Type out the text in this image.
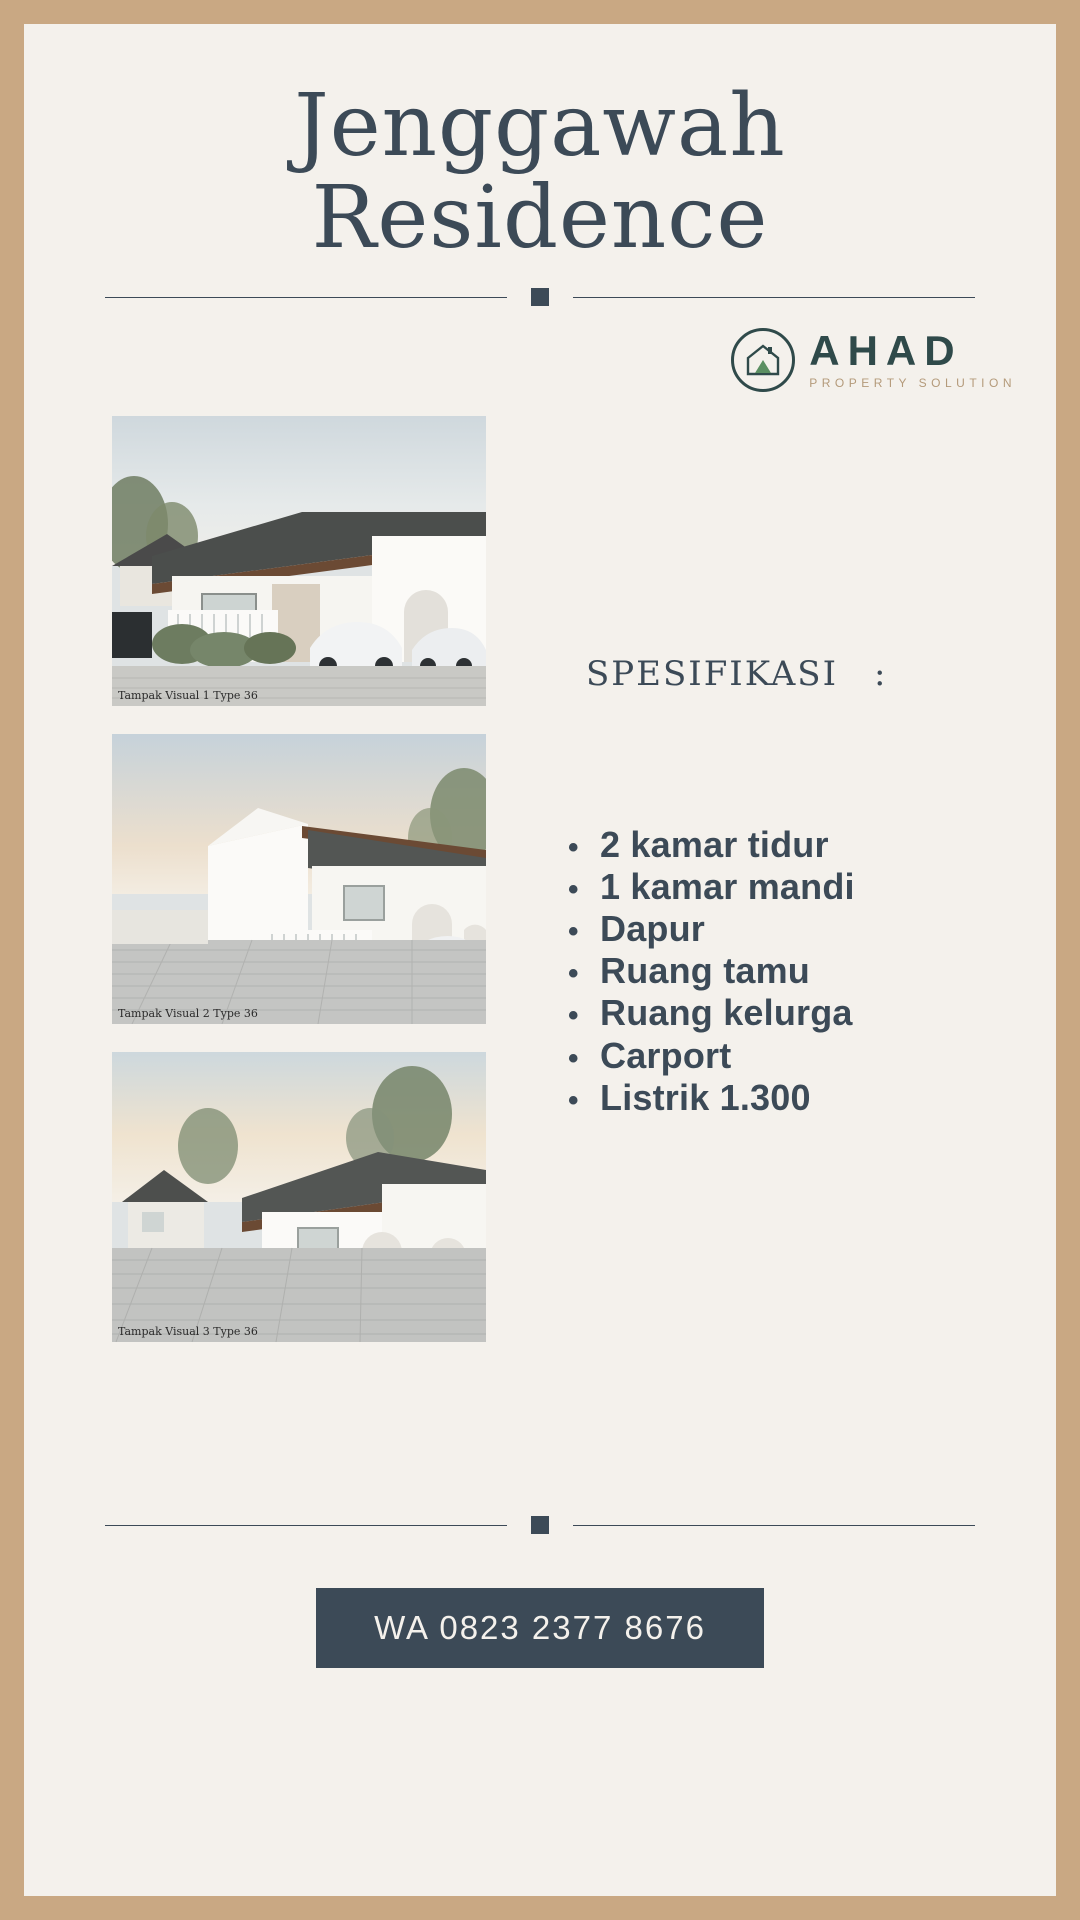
Jenggawah
Residence
AHAD
PROPERTY SOLUTION
Tampak Visual 1 Type 36
Tampak Visual 2 Type 36
Tampak Visual 3 Type 36
SPESIFIKASI :
• 2 kamar tidur
• 1 kamar mandi
• Dapur
• Ruang tamu
• Ruang kelurga
• Carport
• Listrik 1.300
WA 0823 2377 8676
